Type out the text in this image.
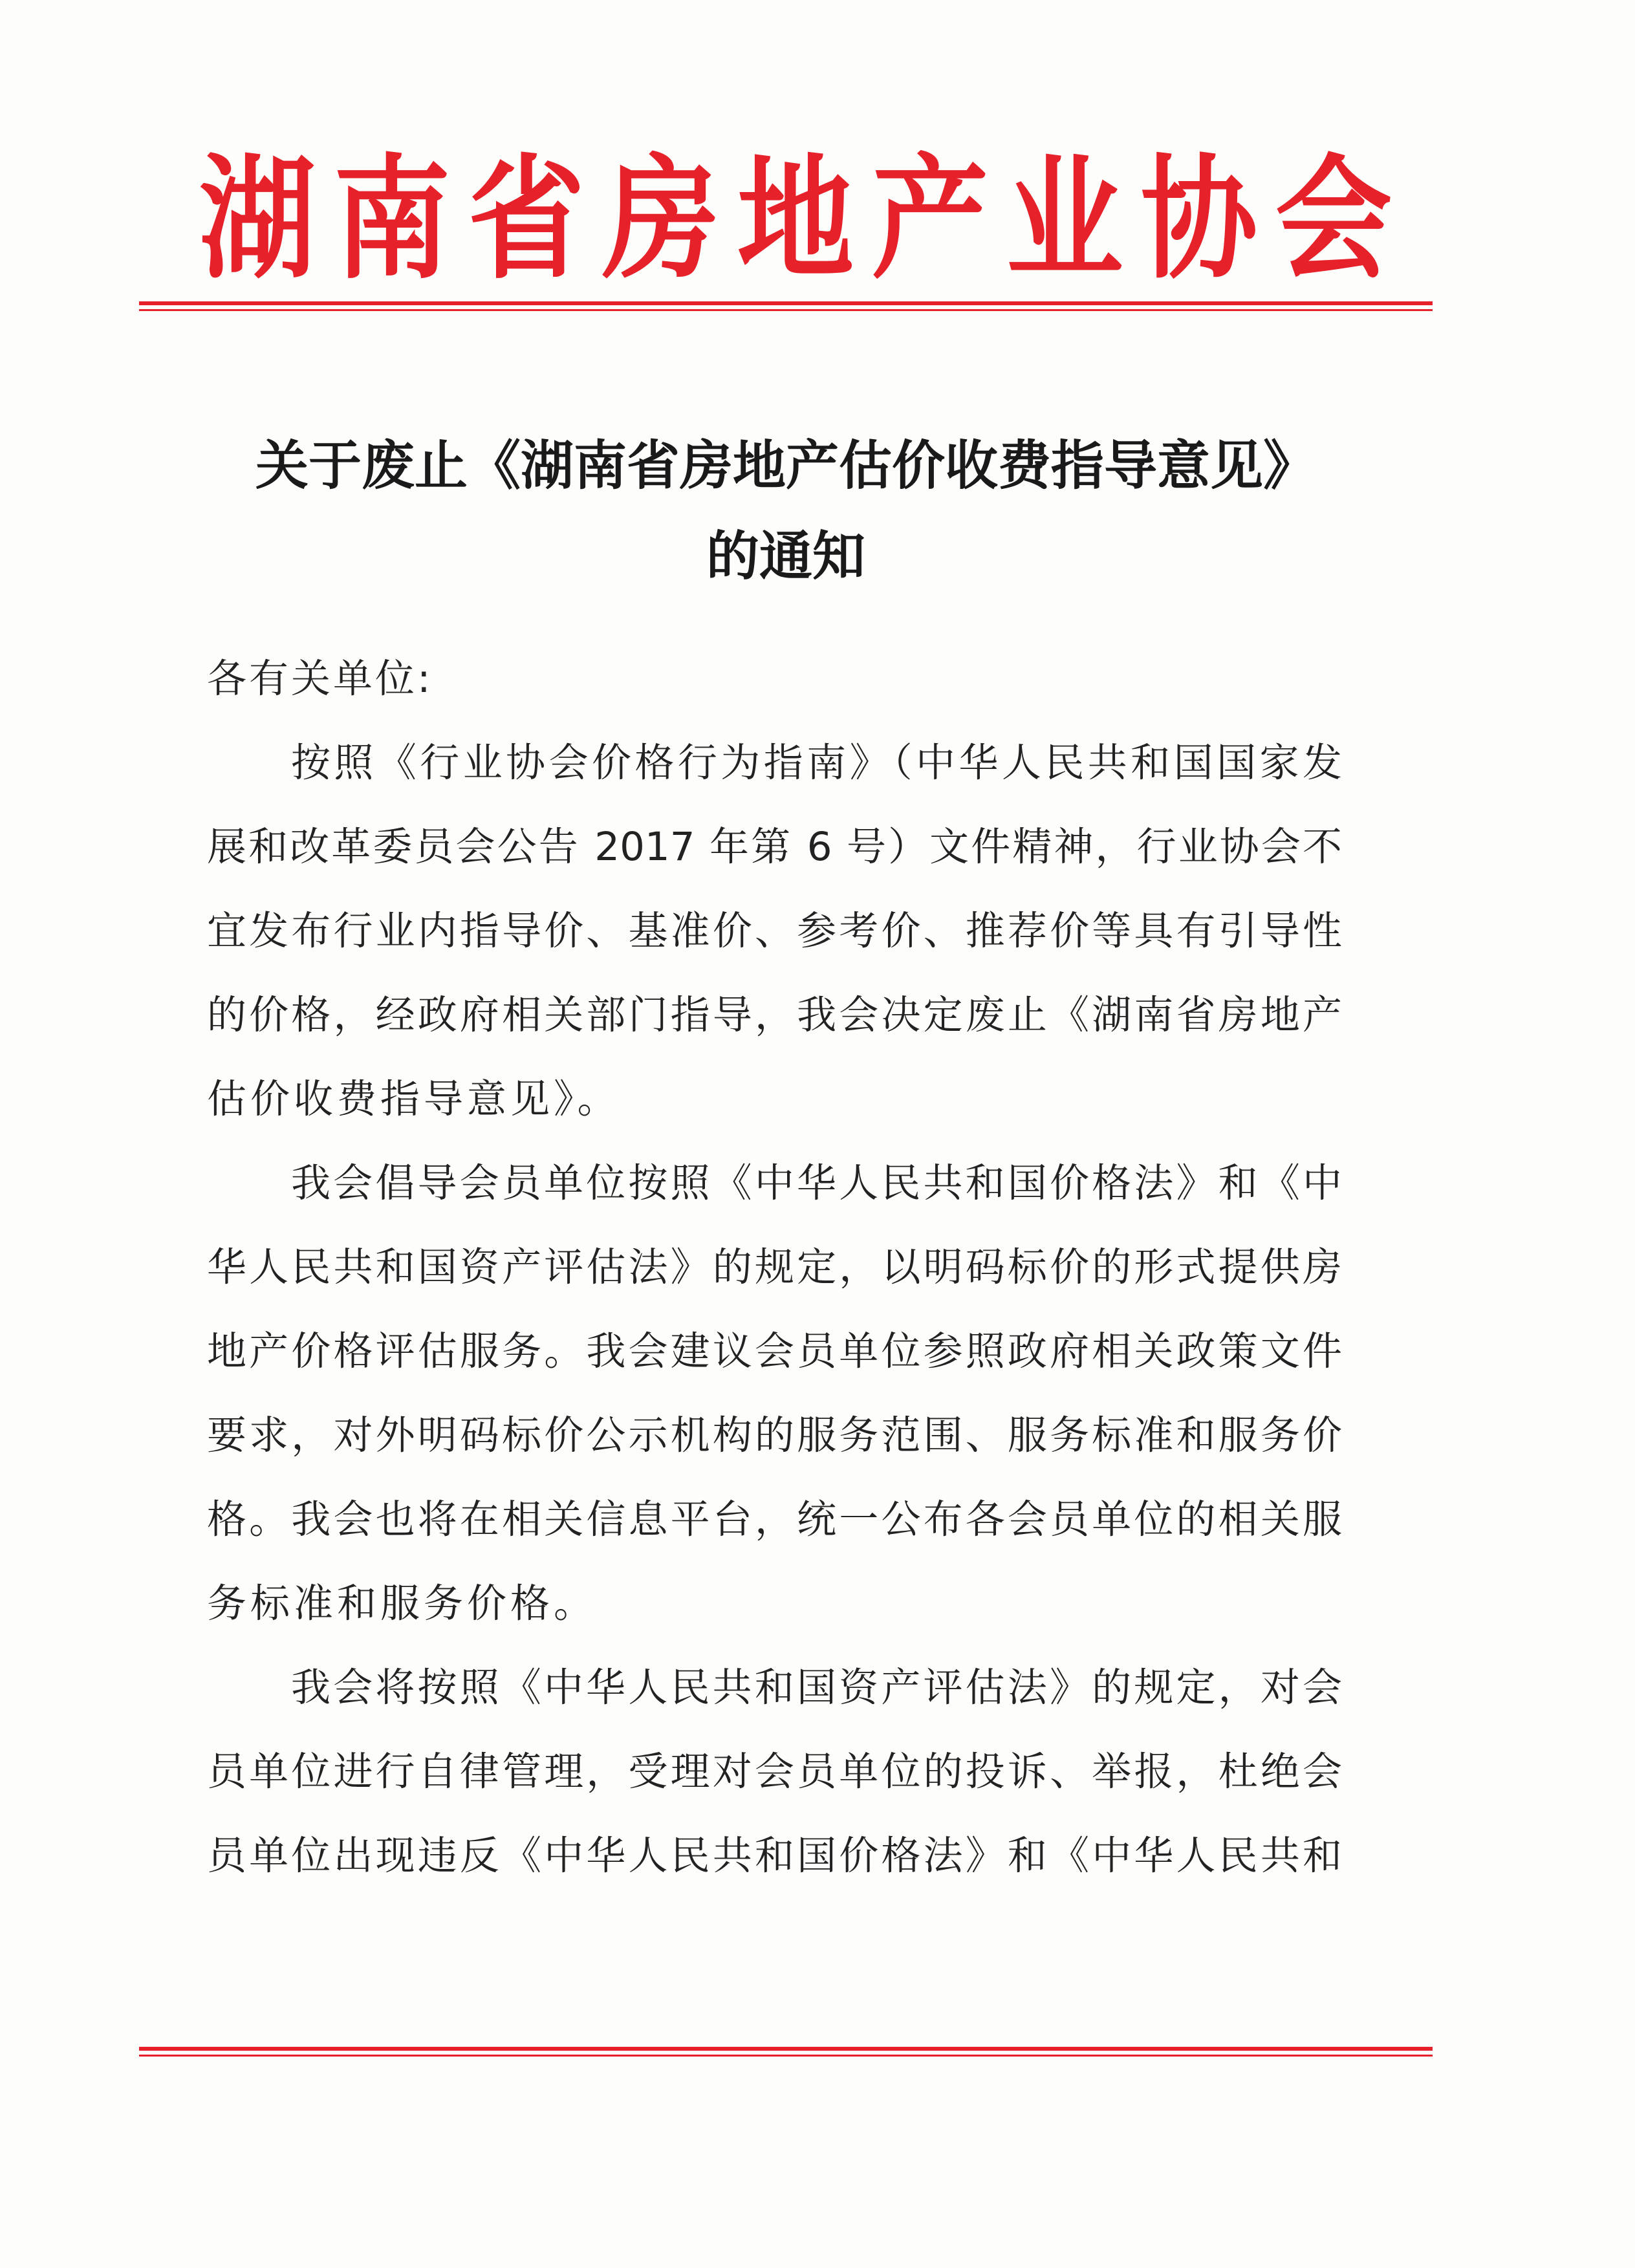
湖 南 省 房 地 产 业 协 会
关于废止《湖南省房地产估价收费指导意见》
的通知
各有关单位:
按照《行业协会价格行为指南》（中华人民共和国国家发
展和改革委员会公告 2017 年第 6 号）文件精神，行业协会不
宜发布行业内指导价、基准价、参考价、推荐价等具有引导性
的价格，经政府相关部门指导，我会决定废止《湖南省房地产
估价收费指导意见》。
我会倡导会员单位按照《中华人民共和国价格法》和《中
华人民共和国资产评估法》的规定，以明码标价的形式提供房
地产价格评估服务。我会建议会员单位参照政府相关政策文件
要求，对外明码标价公示机构的服务范围、服务标准和服务价
格。我会也将在相关信息平台，统一公布各会员单位的相关服
务标准和服务价格。
我会将按照《中华人民共和国资产评估法》的规定，对会
员单位进行自律管理，受理对会员单位的投诉、举报，杜绝会
员单位出现违反《中华人民共和国价格法》和《中华人民共和
